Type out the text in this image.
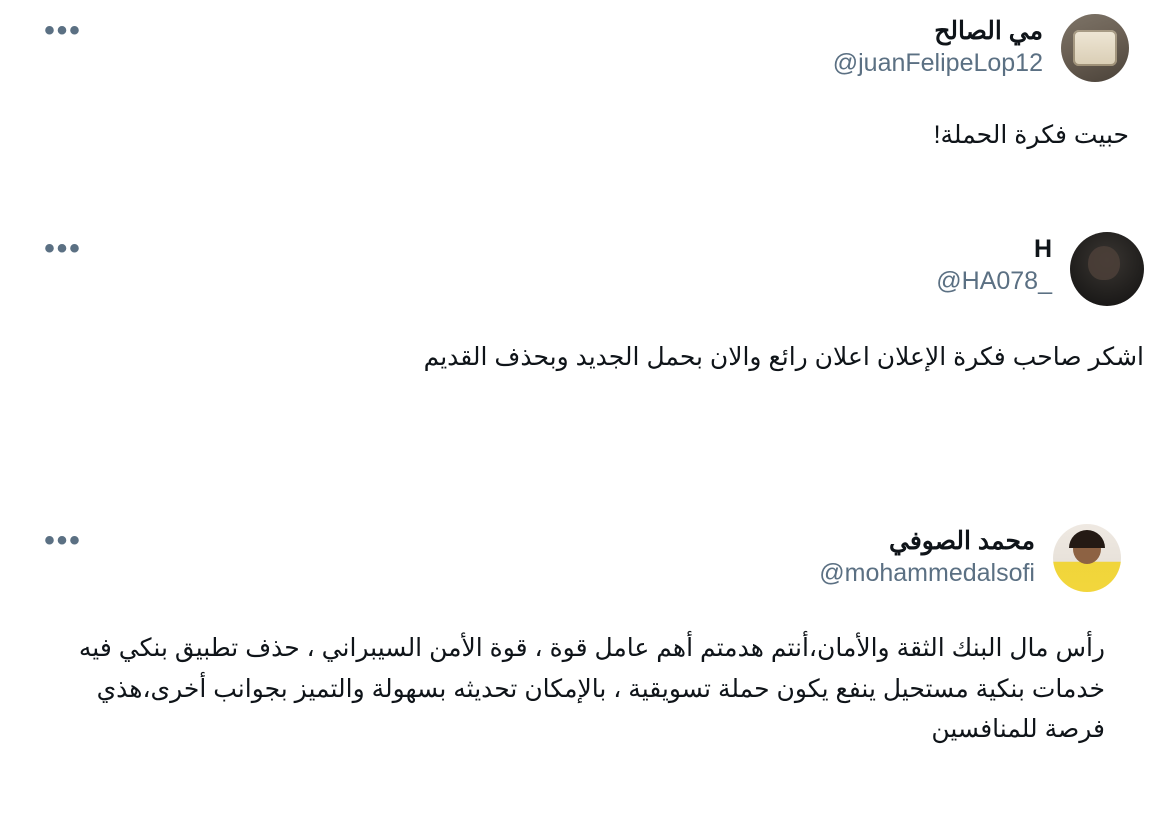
مي الصالح
@juanFelipeLop12
•••
حبيت فكرة الحملة!
H
@HA078_
•••
اشكر صاحب فكرة الإعلان اعلان رائع والان بحمل الجديد وبحذف القديم
محمد الصوفي
@mohammedalsofi
•••
رأس مال البنك الثقة والأمان،أنتم هدمتم أهم عامل قوة ، قوة الأمن السيبراني ، حذف تطبيق بنكي فيه خدمات بنكية مستحيل ينفع يكون حملة تسويقية ، بالإمكان تحديثه بسهولة والتميز بجوانب أخرى،هذي فرصة للمنافسين
